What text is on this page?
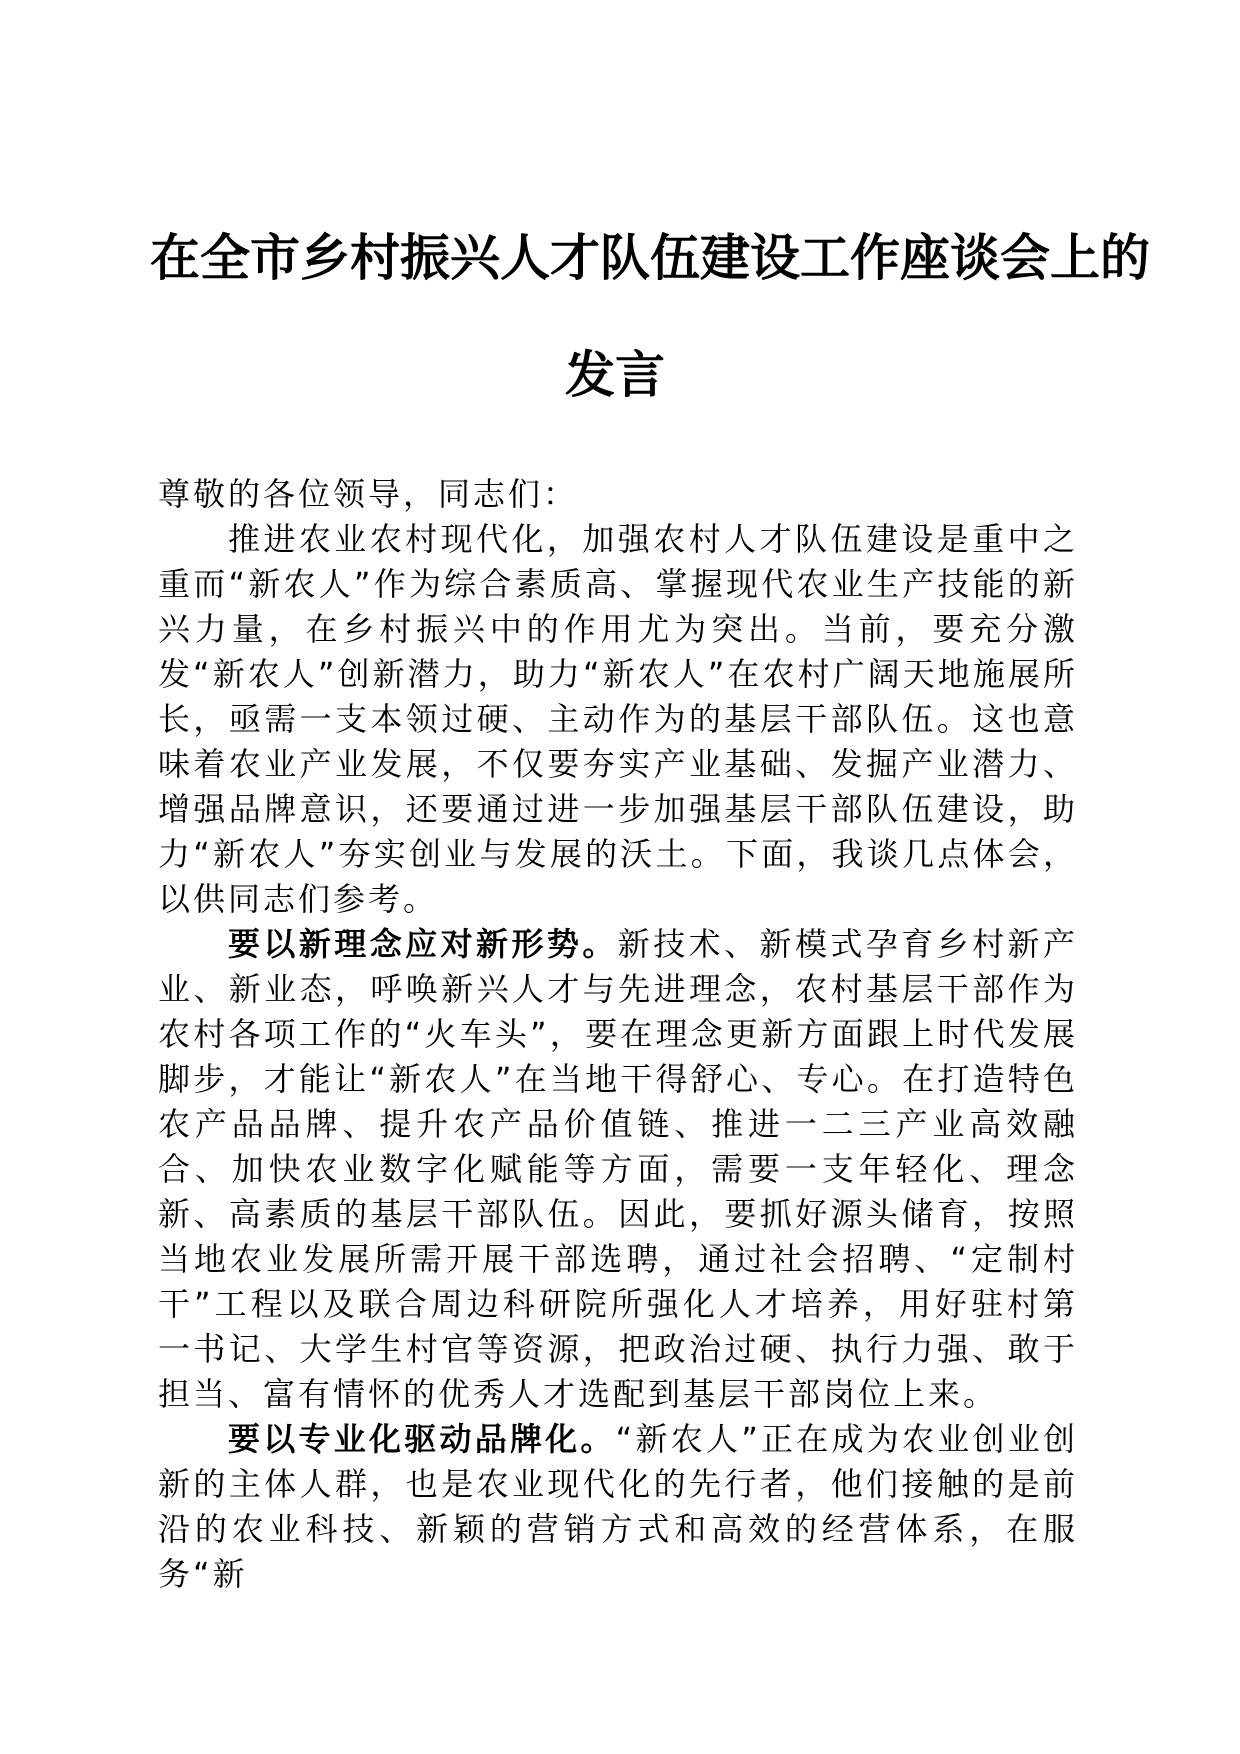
在全市乡村振兴人才队伍建设工作座谈会上的
发言

尊敬的各位领导，同志们：

推进农业农村现代化，加强农村人才队伍建设是重中之重而“新农人”作为综合素质高、掌握现代农业生产技能的新兴力量，在乡村振兴中的作用尤为突出。当前，要充分激发“新农人”创新潜力，助力“新农人”在农村广阔天地施展所长，亟需一支本领过硬、主动作为的基层干部队伍。这也意味着农业产业发展，不仅要夯实产业基础、发掘产业潜力、增强品牌意识，还要通过进一步加强基层干部队伍建设，助力“新农人”夯实创业与发展的沃土。下面，我谈几点体会，以供同志们参考。

要以新理念应对新形势。新技术、新模式孕育乡村新产业、新业态，呼唤新兴人才与先进理念，农村基层干部作为农村各项工作的“火车头”，要在理念更新方面跟上时代发展脚步，才能让“新农人”在当地干得舒心、专心。在打造特色农产品品牌、提升农产品价值链、推进一二三产业高效融合、加快农业数字化赋能等方面，需要一支年轻化、理念新、高素质的基层干部队伍。因此，要抓好源头储育，按照当地农业发展所需开展干部选聘，通过社会招聘、“定制村干”工程以及联合周边科研院所强化人才培养，用好驻村第一书记、大学生村官等资源，把政治过硬、执行力强、敢于担当、富有情怀的优秀人才选配到基层干部岗位上来。

要以专业化驱动品牌化。“新农人”正在成为农业创业创新的主体人群，也是农业现代化的先行者，他们接触的是前沿的农业科技、新颖的营销方式和高效的经营体系，在服务“新
